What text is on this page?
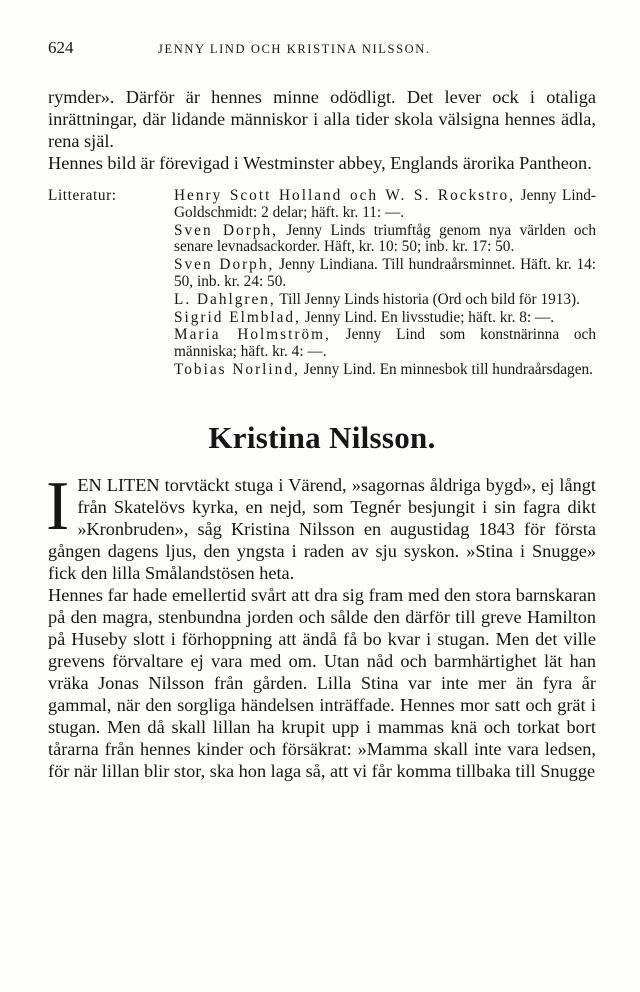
624	JENNY LIND OCH KRISTINA NILSSON.

rymder». Därför är hennes minne odödligt. Det lever ock i otaliga inrättningar, där lidande människor i alla tider skola välsigna hennes ädla, rena själ.

Hennes bild är förevigad i Westminster abbey, Englands ärorika Pantheon.

Litteratur:	Henry Scott Holland och W. S. Rockstro, Jenny Lind-Goldschmidt: 2 delar; häft. kr. 11: —.
Sven Dorph, Jenny Linds triumftåg genom nya världen och senare levnadsackorder. Häft, kr. 10: 50; inb. kr. 17: 50.
Sven Dorph, Jenny Lindiana. Till hundraårsminnet. Häft. kr. 14: 50, inb. kr. 24: 50.
L. Dahlgren, Till Jenny Linds historia (Ord och bild för 1913).
Sigrid Elmblad, Jenny Lind. En livsstudie; häft. kr. 8: —.
Maria Holmström, Jenny Lind som konstnärinna och människa; häft. kr. 4: —.
Tobias Norlind, Jenny Lind. En minnesbok till hundraårsdagen.
Kristina Nilsson.

IEN LITEN torvtäckt stuga i Värend, »sagornas åldriga bygd», ej långt från Skatelövs kyrka, en nejd, som Tegnér besjungit i sin fagra dikt »Kronbruden», såg Kristina Nilsson en augustidag 1843 för första gången dagens ljus, den yngsta i raden av sju syskon. »Stina i Snugge» fick den lilla Smålandstösen heta.

Hennes far hade emellertid svårt att dra sig fram med den stora barnskaran på den magra, stenbundna jorden och sålde den därför till greve Hamilton på Huseby slott i förhoppning att ändå få bo kvar i stugan. Men det ville grevens förvaltare ej vara med om. Utan nåd och barmhärtighet lät han vräka Jonas Nilsson från gården. Lilla Stina var inte mer än fyra år gammal, när den sorgliga händelsen inträffade. Hennes mor satt och grät i stugan. Men då skall lillan ha krupit upp i mammas knä och torkat bort tårarna från hennes kinder och försäkrat: »Mamma skall inte vara ledsen, för när lillan blir stor, ska hon laga så, att vi får komma tillbaka till Snugge
